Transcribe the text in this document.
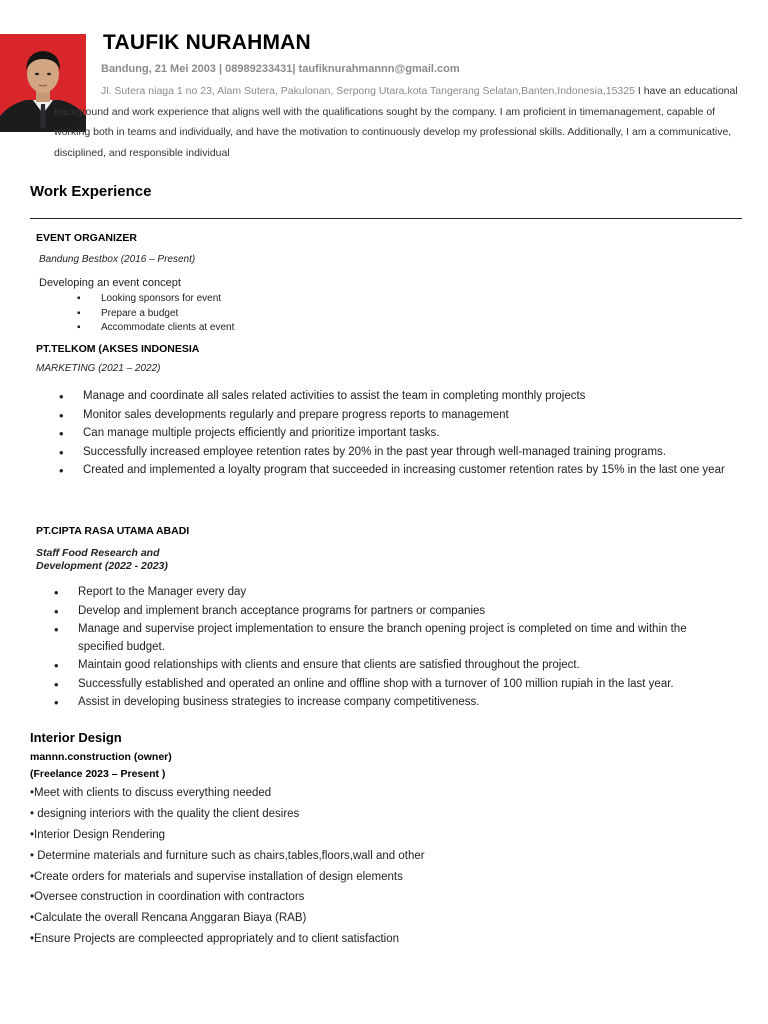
TAUFIK NURAHMAN
Bandung, 21 Mei 2003 | 08989233431| taufiknurahmannn@gmail.com

Jl. Sutera niaga 1 no 23, Alam Sutera, Pakulonan, Serpong Utara,kota Tangerang Selatan,Banten,Indonesia,15325 I have an educational background and work experience that aligns well with the qualifications sought by the company. I am proficient in timemanagement, capable of working both in teams and individually, and have the motivation to continuously develop my professional skills. Additionally, I am a communicative, disciplined, and responsible individual

Work Experience
EVENT ORGANIZER
Bandung Bestbox (2016 – Present)
Developing an event concept
▪ Looking sponsors for event
▪ Prepare a budget
▪ Accommodate clients at event
PT.TELKOM (AKSES INDONESIA
MARKETING (2021 – 2022)
• Manage and coordinate all sales related activities to assist the team in completing monthly projects
• Monitor sales developments regularly and prepare progress reports to management
• Can manage multiple projects efficiently and prioritize important tasks.
• Successfully increased employee retention rates by 20% in the past year through well-managed training programs.
• Created and implemented a loyalty program that succeeded in increasing customer retention rates by 15% in the last one year
PT.CIPTA RASA UTAMA ABADI
Staff Food Research and
Development (2022 - 2023)
• Report to the Manager every day
• Develop and implement branch acceptance programs for partners or companies
• Manage and supervise project implementation to ensure the branch opening project is completed on time and within the specified budget.
• Maintain good relationships with clients and ensure that clients are satisfied throughout the project.
• Successfully established and operated an online and offline shop with a turnover of 100 million rupiah in the last year.
• Assist in developing business strategies to increase company competitiveness.
Interior Design
mannn.construction (owner)
(Freelance 2023 – Present )
•Meet with clients to discuss everything needed
• designing interiors with the quality the client desires
•Interior Design Rendering
• Determine materials and furniture such as chairs,tables,floors,wall and other
•Create orders for materials and supervise installation of design elements
•Oversee construction in coordination with contractors
•Calculate the overall Rencana Anggaran Biaya (RAB)
•Ensure Projects are compleected appropriately and to client satisfaction
